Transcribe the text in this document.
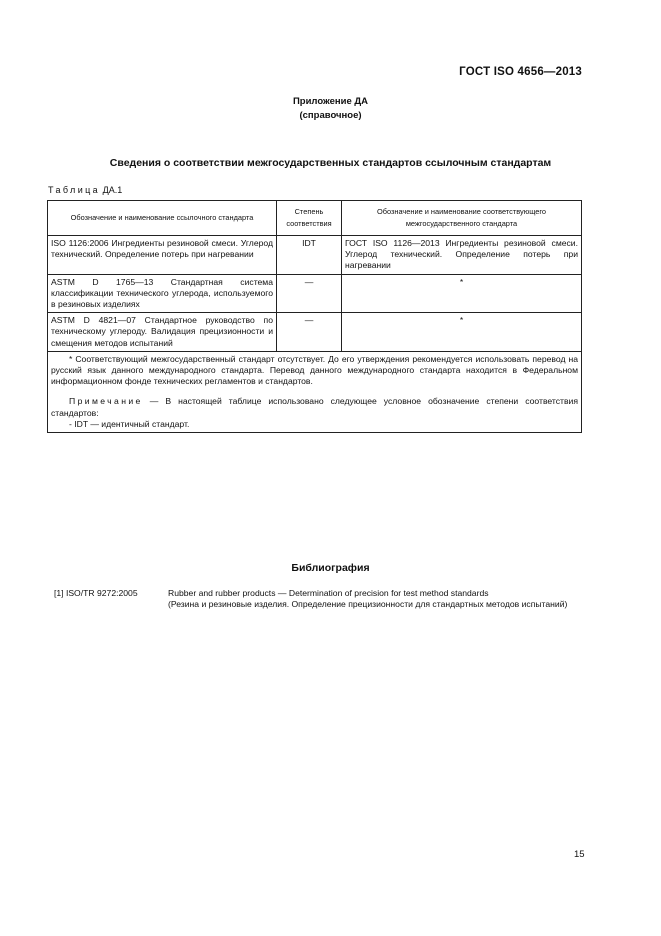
ГОСТ ISO 4656—2013
Приложение ДА
(справочное)
Сведения о соответствии межгосударственных стандартов ссылочным стандартам
Таблица ДА.1
Обозначение и наименование ссылочного стандарта	Степень соответствия	Обозначение и наименование соответствующего межгосударственного стандарта
ISO 1126:2006 Ингредиенты резиновой смеси. Углерод технический. Определение потерь при нагревании	IDT	ГОСТ ISO 1126—2013 Ингредиенты резиновой смеси. Углерод технический. Определение потерь при нагревании
ASTM D 1765—13 Стандартная система классификации технического углерода, используемого в резиновых изделиях	—	*
ASTM D 4821—07 Стандартное руководство по техническому углероду. Валидация прецизионности и смещения методов испытаний	—	*

* Соответствующий межгосударственный стандарт отсутствует. До его утверждения рекомендуется использовать перевод на русский язык данного международного стандарта. Перевод данного международного стандарта находится в Федеральном информационном фонде технических регламентов и стандартов.

Примечание — В настоящей таблице использовано следующее условное обозначение степени соответствия стандартов:

- IDT — идентичный стандарт.		

Библиография
[1] ISO/TR 9272:2005	Rubber and rubber products — Determination of precision for test method standards
(Резина и резиновые изделия. Определение прецизионности для стандартных методов испытаний)
15
